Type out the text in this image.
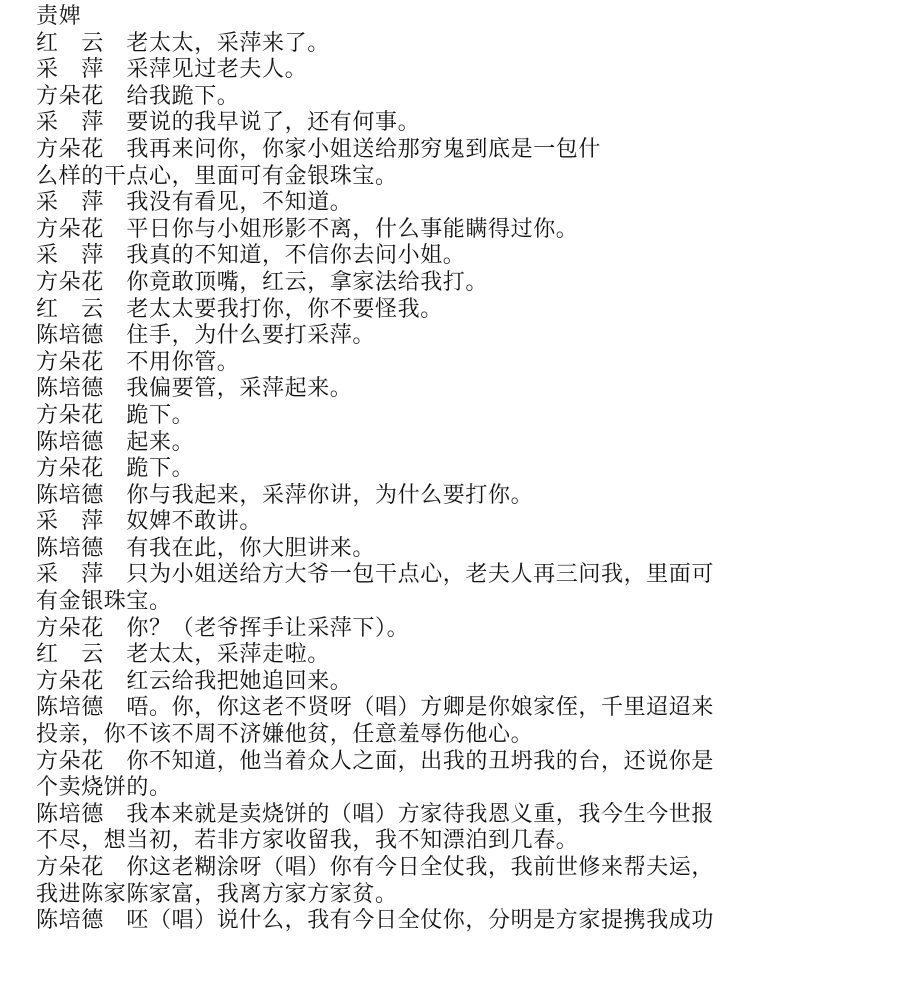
责婢
红　云　老太太，采萍来了。
采　萍　采萍见过老夫人。
方朵花　给我跪下。
采　萍　要说的我早说了，还有何事。
方朵花　我再来问你，你家小姐送给那穷鬼到底是一包什
么样的干点心，里面可有金银珠宝。
采　萍　我没有看见，不知道。
方朵花　平日你与小姐形影不离，什么事能瞒得过你。
采　萍　我真的不知道，不信你去问小姐。
方朵花　你竟敢顶嘴，红云，拿家法给我打。
红　云　老太太要我打你，你不要怪我。
陈培德　住手，为什么要打采萍。
方朵花　不用你管。
陈培德　我偏要管，采萍起来。
方朵花　跪下。
陈培德　起来。
方朵花　跪下。
陈培德　你与我起来，采萍你讲，为什么要打你。
采　萍　奴婢不敢讲。
陈培德　有我在此，你大胆讲来。
采　萍　只为小姐送给方大爷一包干点心，老夫人再三问我，里面可
有金银珠宝。
方朵花　你？（老爷挥手让采萍下）。
红　云　老太太，采萍走啦。
方朵花　红云给我把她追回来。
陈培德　唔。你，你这老不贤呀（唱）方卿是你娘家侄，千里迢迢来
投亲，你不该不周不济嫌他贫，任意羞辱伤他心。
方朵花　你不知道，他当着众人之面，出我的丑坍我的台，还说你是
个卖烧饼的。
陈培德　我本来就是卖烧饼的（唱）方家待我恩义重，我今生今世报
不尽，想当初，若非方家收留我，我不知漂泊到几春。
方朵花　你这老糊涂呀（唱）你有今日全仗我，我前世修来帮夫运，
我进陈家陈家富，我离方家方家贫。
陈培德　呸（唱）说什么，我有今日全仗你，分明是方家提携我成功
